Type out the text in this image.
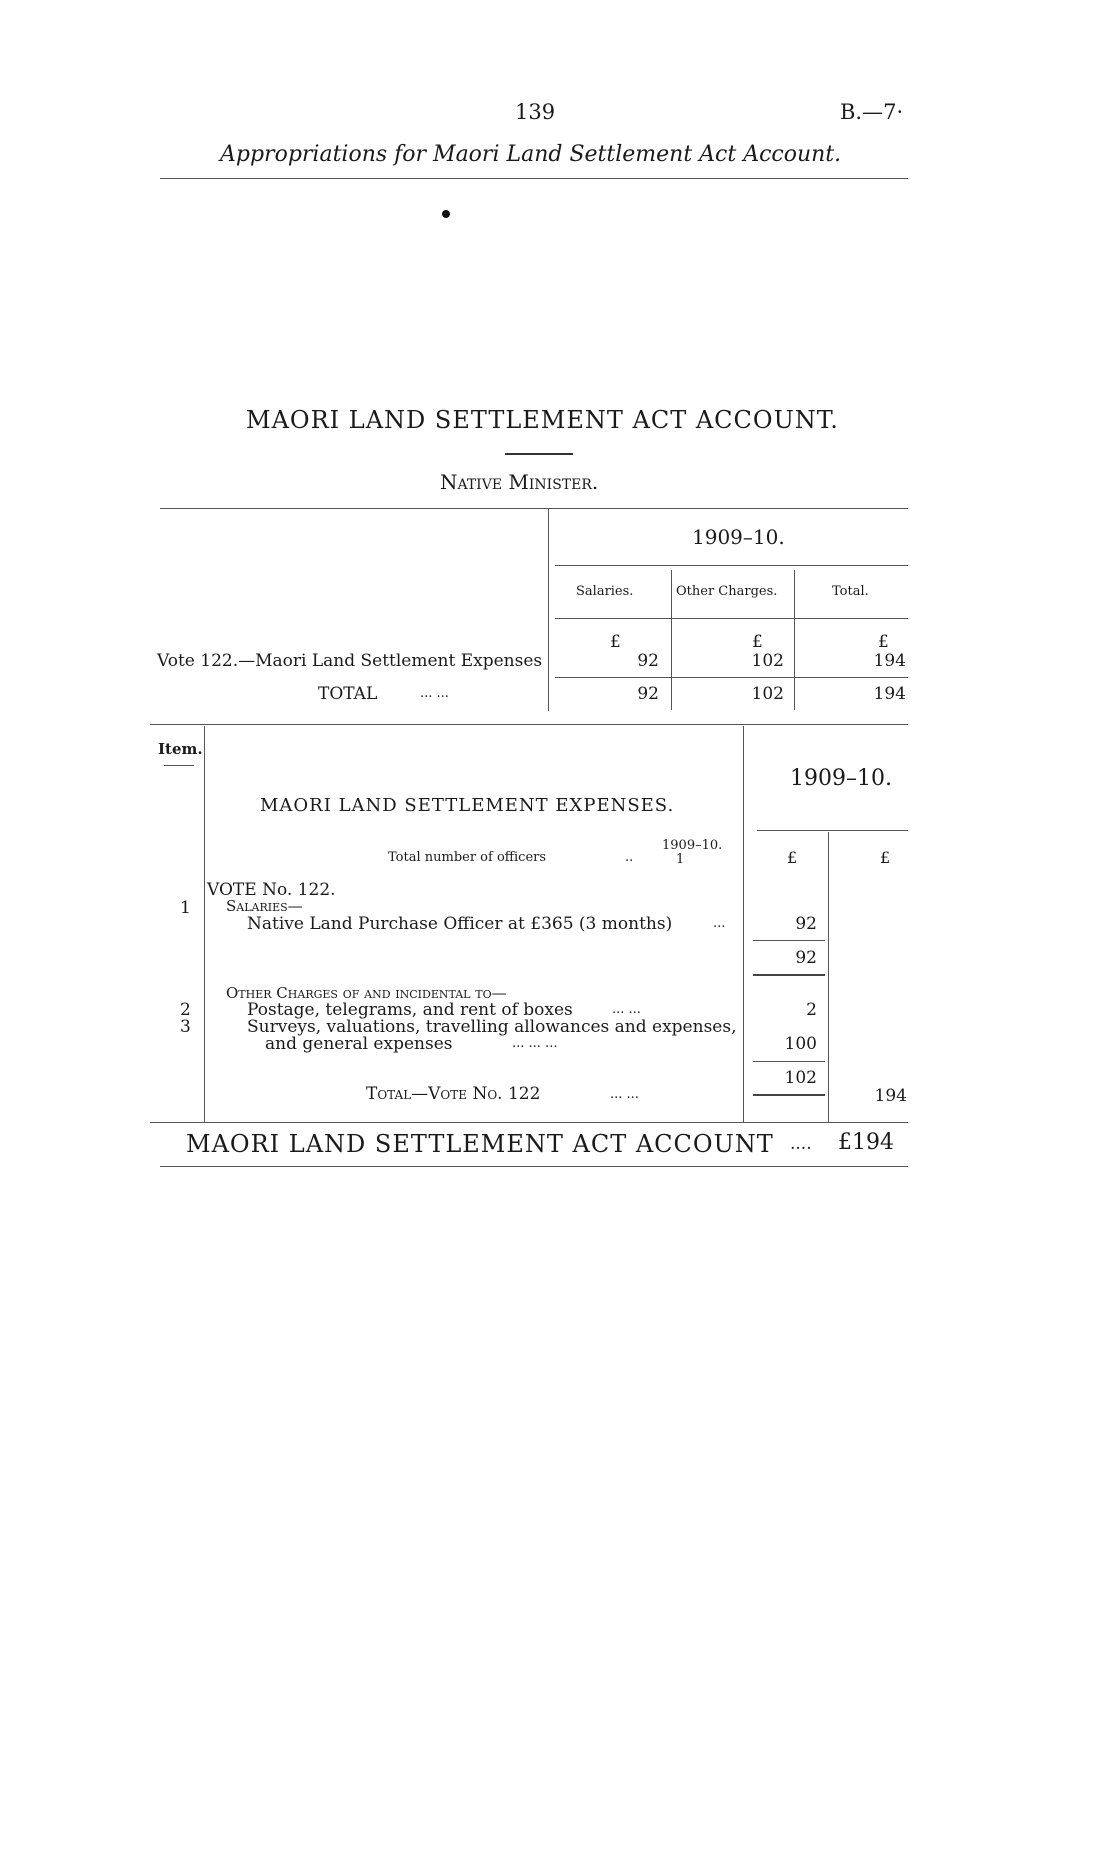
139	B.—7·
Appropriations for Maori Land Settlement Act Account.
MAORI LAND SETTLEMENT ACT ACCOUNT.
Native Minister.
1909–10.
Salaries.	Other Charges.	Total.
£	£	£
Vote 122.—Maori Land Settlement Expenses	92	102	194
TOTAL	... ...	92	102	194
Item.
1909–10.
MAORI LAND SETTLEMENT EXPENSES.
1909–10.
Total number of officers	..	1	£	£
VOTE No. 122.
1 Salaries—
Native Land Purchase Officer at £365 (3 months)	...	92
92
Other Charges of and incidental to—
2	Postage, telegrams, and rent of boxes	... ...	2
3	Surveys, valuations, travelling allowances and expenses,
and general expenses	... ... ...	100
102
Total—Vote No. 122	... ...	194
MAORI LAND SETTLEMENT ACT ACCOUNT .... £194
